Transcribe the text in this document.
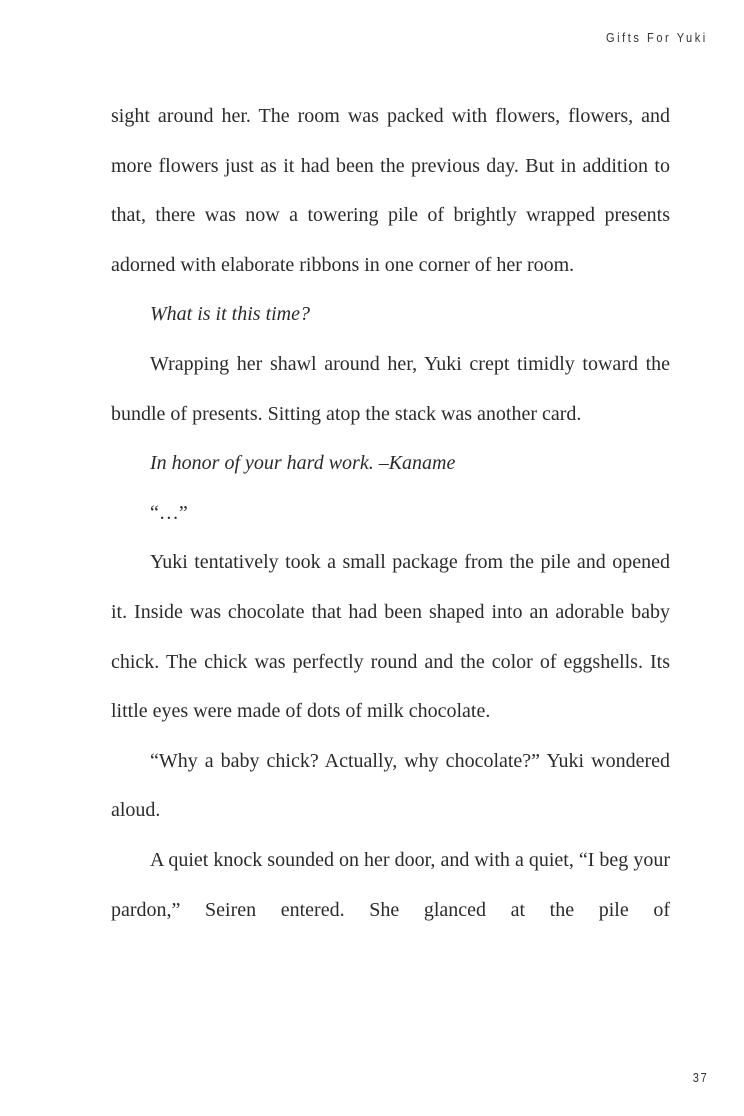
Gifts For Yuki

sight around her. The room was packed with flowers, flowers, and more flowers just as it had been the previous day. But in addition to that, there was now a towering pile of brightly wrapped presents adorned with elaborate ribbons in one corner of her room.

What is it this time?

Wrapping her shawl around her, Yuki crept timidly toward the bundle of presents. Sitting atop the stack was another card.

In honor of your hard work. –Kaname

“…”

Yuki tentatively took a small package from the pile and opened it. Inside was chocolate that had been shaped into an adorable baby chick. The chick was perfectly round and the color of eggshells. Its little eyes were made of dots of milk chocolate.

“Why a baby chick? Actually, why chocolate?” Yuki wondered aloud.

A quiet knock sounded on her door, and with a quiet, “I beg your pardon,” Seiren entered. She glanced at the pile of

37
